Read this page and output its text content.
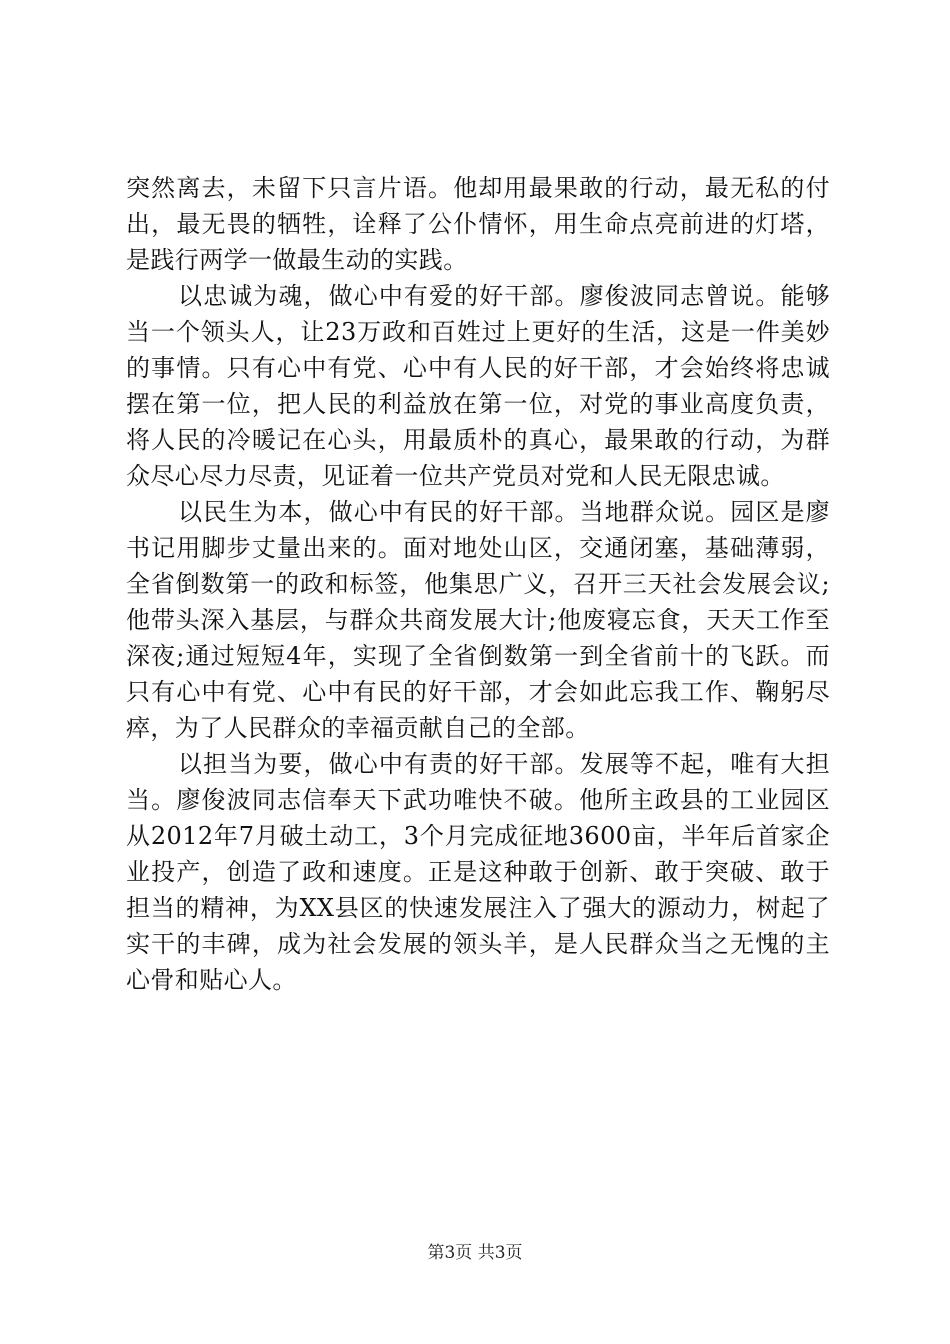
突然离去，未留下只言片语。他却用最果敢的行动，最无私的付出，最无畏的牺牲，诠释了公仆情怀，用生命点亮前进的灯塔，是践行两学一做最生动的实践。

以忠诚为魂，做心中有爱的好干部。廖俊波同志曾说。能够当一个领头人，让23万政和百姓过上更好的生活，这是一件美妙的事情。只有心中有党、心中有人民的好干部，才会始终将忠诚摆在第一位，把人民的利益放在第一位，对党的事业高度负责，将人民的冷暖记在心头，用最质朴的真心，最果敢的行动，为群众尽心尽力尽责，见证着一位共产党员对党和人民无限忠诚。

以民生为本，做心中有民的好干部。当地群众说。园区是廖书记用脚步丈量出来的。面对地处山区，交通闭塞，基础薄弱，全省倒数第一的政和标签，他集思广义，召开三天社会发展会议;他带头深入基层，与群众共商发展大计;他废寝忘食，天天工作至深夜;通过短短4年，实现了全省倒数第一到全省前十的飞跃。而只有心中有党、心中有民的好干部，才会如此忘我工作、鞠躬尽瘁，为了人民群众的幸福贡献自己的全部。

以担当为要，做心中有责的好干部。发展等不起，唯有大担当。廖俊波同志信奉天下武功唯快不破。他所主政县的工业园区从2012年7月破土动工，3个月完成征地3600亩，半年后首家企业投产，创造了政和速度。正是这种敢于创新、敢于突破、敢于担当的精神，为XX县区的快速发展注入了强大的源动力，树起了实干的丰碑，成为社会发展的领头羊，是人民群众当之无愧的主心骨和贴心人。

第3页 共3页
